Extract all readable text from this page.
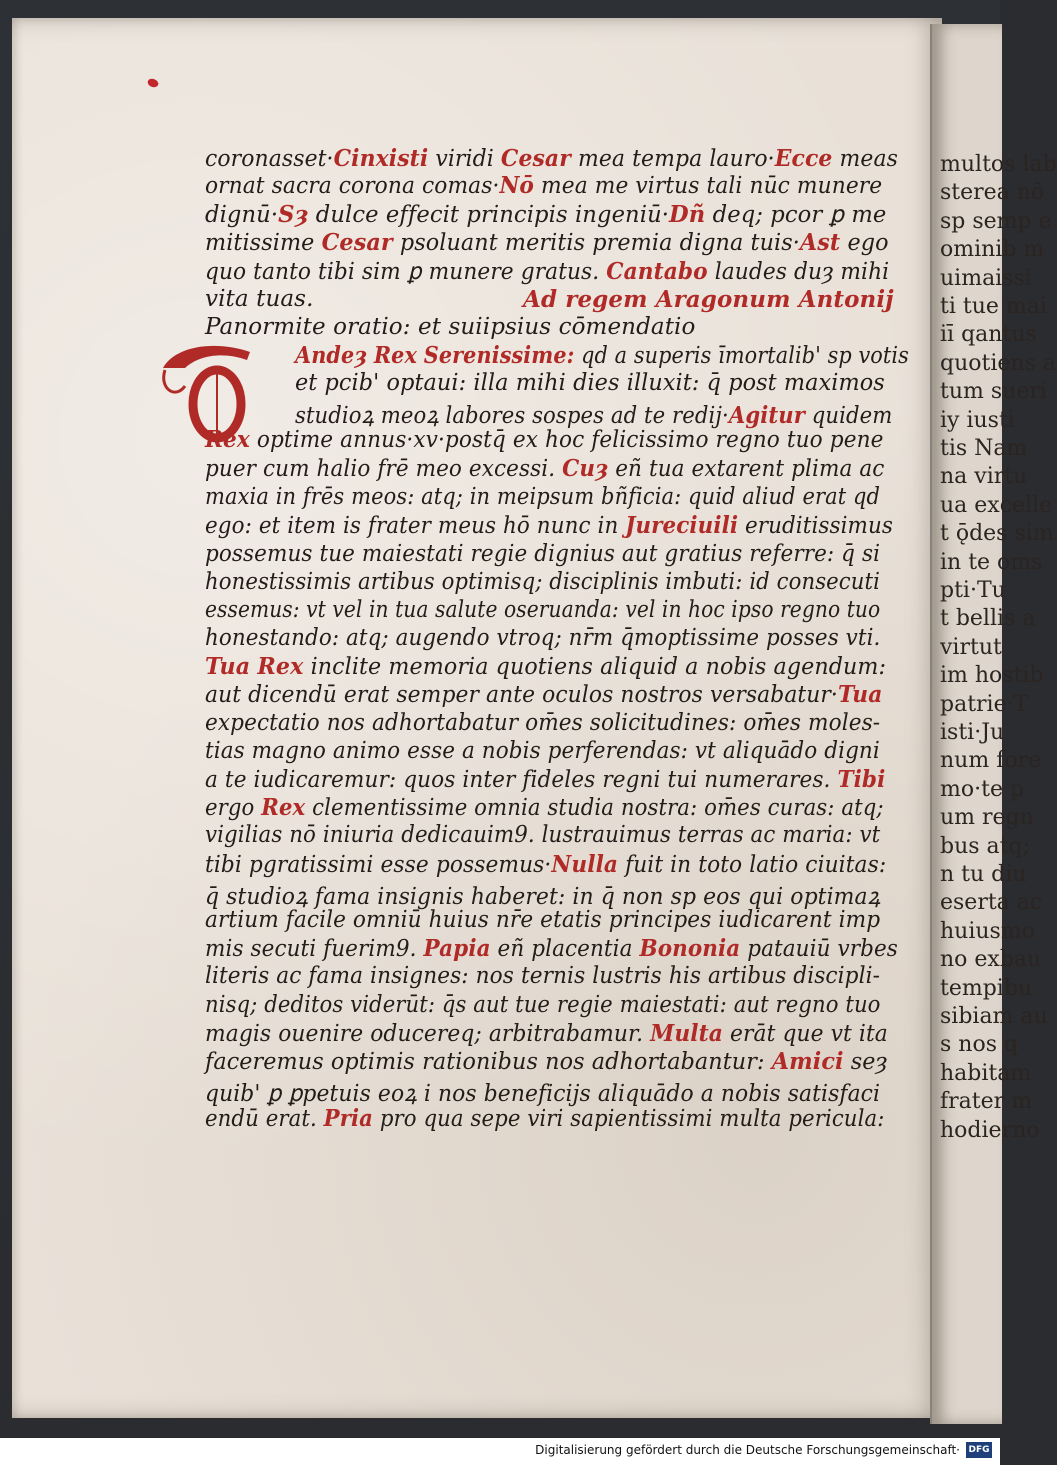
multos lab
sterea nō
sp semp e
ominib m
uimaissi
ti tue mai
iī qantus
quotiens a
tum sueri
iy iusti
tis Nam
na virtu
ua excelle
t ǭdes sim
in te oms
pti·Tu
t bellis a
virtut
im hostib
patrie·T
isti·Ju
num fore
mo·te p
um regn
bus atq;
n tu diu
eserta ac
huiusmo
no exbau
tempibu
sibiam au
s nos q
habitam
frater m
hodierno
coronasset·Cinxisti viridi Cesar mea tempa lauro·Ecce meas
ornat sacra corona comas·Nō mea me virtus tali nūc munere
dignū·Sȝ dulce effecit principis ingeniū·Dñ deq; pcor ꝑ me
mitissime Cesar psoluant meritis premia digna tuis·Ast ego
quo tanto tibi sim ꝑ munere gratus. Cantabo laudes duȝ mihi
vita tuas.
Andeȝ Rex Serenissime: qd a superis īmortalib' sp votis
et pcib' optaui: illa mihi dies illuxit: q̄ post maximos
studioꝝ meoꝝ labores sospes ad te redij·Agitur quidem
Rex optime annus·xv·postq̄ ex hoc felicissimo regno tuo pene
puer cum halio frē meo excessi. Cuȝ eñ tua extarent plima ac
maxia in frēs meos: atq; in meipsum bñficia: quid aliud erat qd
ego: et item is frater meus hō nunc in Jureciuili eruditissimus
possemus tue maiestati regie dignius aut gratius referre: q̄ si
honestissimis artibus optimisq; disciplinis imbuti: id consecuti
essemus: vt vel in tua salute oseruanda: vel in hoc ipso regno tuo
honestando: atq; augendo vtroq; nr̄m q̄moptissime posses vti.
Tua Rex inclite memoria quotiens aliquid a nobis agendum:
aut dicendū erat semper ante oculos nostros versabatur·Tua
expectatio nos adhortabatur om̄es solicitudines: om̄es moles-
tias magno animo esse a nobis perferendas: vt aliquādo digni
a te iudicaremur: quos inter fideles regni tui numerares. Tibi
ergo Rex clementissime omnia studia nostra: om̄es curas: atq;
vigilias nō iniuria dedicauim9. lustrauimus terras ac maria: vt
tibi pgratissimi esse possemus·Nulla fuit in toto latio ciuitas:
q̄ studioꝝ fama insignis haberet: in q̄ non sp eos qui optimaꝝ
artium facile omniū huius nr̄e etatis principes iudicarent imp
mis secuti fuerim9. Papia eñ placentia Bononia patauiū vrbes
literis ac fama insignes: nos ternis lustris his artibus discipli-
nisq; deditos viderūt: q̄s aut tue regie maiestati: aut regno tuo
magis ouenire oducereq; arbitrabamur. Multa erāt que vt ita
faceremus optimis rationibus nos adhortabantur: Amici seȝ
quib' ꝑ ꝑpetuis eoꝝ i nos beneficijs aliquādo a nobis satisfaci
endū erat. Pria pro qua sepe viri sapientissimi multa pericula:
Ad regem Aragonum Antonij
Panormite oratio: et suiipsius cōmendatio
Digitalisierung gefördert durch die Deutsche Forschungsgemeinschaft· DFG
